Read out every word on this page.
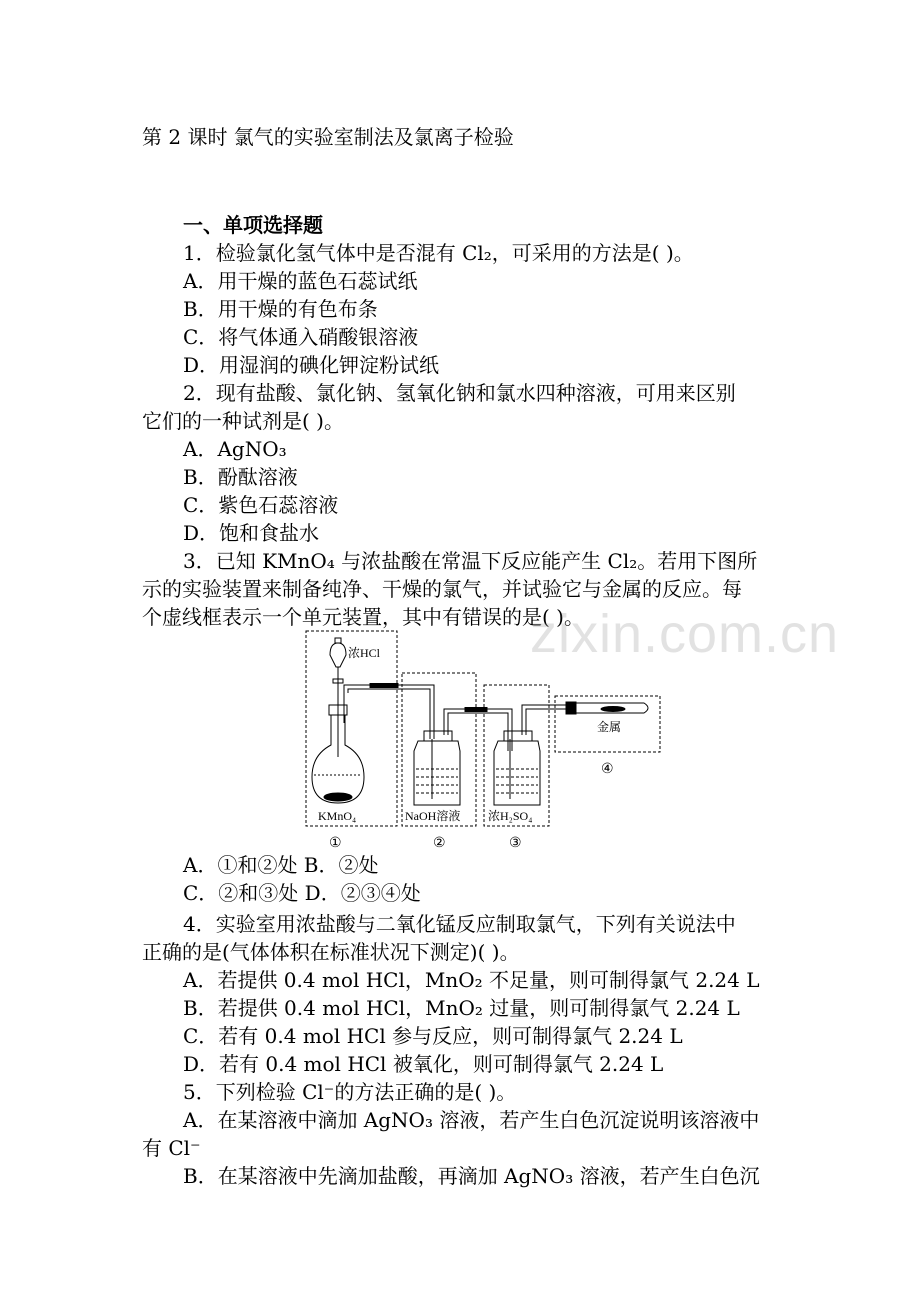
第 2 课时 氯气的实验室制法及氯离子检验
一、单项选择题
1．检验氯化氢气体中是否混有 Cl₂，可采用的方法是( )。
A．用干燥的蓝色石蕊试纸
B．用干燥的有色布条
C．将气体通入硝酸银溶液
D．用湿润的碘化钾淀粉试纸
2．现有盐酸、氯化钠、氢氧化钠和氯水四种溶液，可用来区别
它们的一种试剂是( )。
A．AgNO₃
B．酚酞溶液
C．紫色石蕊溶液
D．饱和食盐水
3．已知 KMnO₄ 与浓盐酸在常温下反应能产生 Cl₂。若用下图所
示的实验装置来制备纯净、干燥的氯气，并试验它与金属的反应。每
个虚线框表示一个单元装置，其中有错误的是( )。
zixin.com.cn
浓HCl
KMnO₄	NaOH溶液 浓H₂SO₄
金属
①	②	③
④
A．①和②处 B．②处
C．②和③处 D．②③④处
4．实验室用浓盐酸与二氧化锰反应制取氯气，下列有关说法中
正确的是(气体体积在标准状况下测定)( )。
A．若提供 0.4 mol HCl，MnO₂ 不足量，则可制得氯气 2.24 L
B．若提供 0.4 mol HCl，MnO₂ 过量，则可制得氯气 2.24 L
C．若有 0.4 mol HCl 参与反应，则可制得氯气 2.24 L
D．若有 0.4 mol HCl 被氧化，则可制得氯气 2.24 L
5．下列检验 Cl⁻的方法正确的是( )。
A．在某溶液中滴加 AgNO₃ 溶液，若产生白色沉淀说明该溶液中
有 Cl⁻
B．在某溶液中先滴加盐酸，再滴加 AgNO₃ 溶液，若产生白色沉
